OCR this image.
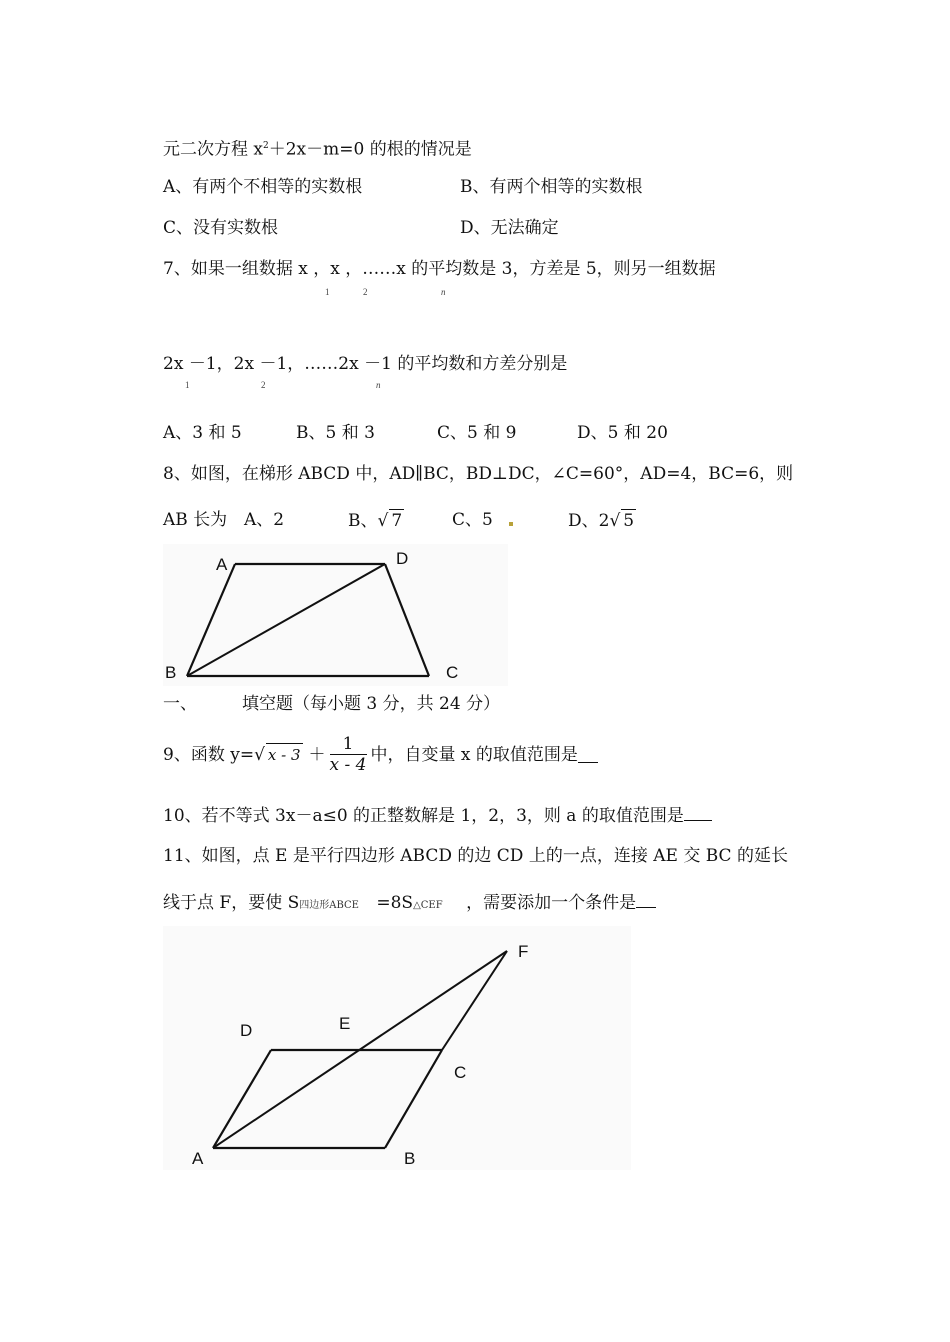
元二次方程 $x^2+2x-m=0$ 的根的情况是
A、有两个不相等的实数根	B、有两个相等的实数根
C、没有实数根	D、无法确定
7、如果一组数据 x ，x ，……x 的平均数是 3，方差是 5，则另一组数据
1	2	n
2x －1，2x －1，……2x －1 的平均数和方差分别是
1	2	n
A、3 和 5	B、5 和 3	C、5 和 9	D、5 和 20
8、如图，在梯形 ABCD 中，AD∥BC，BD⊥DC，∠C=60°，AD=4，BC=6，则
AB 长为 A、2	B、√ 7	C、5	D、2√ 5
A	D
B	C
一、	填空题（每小题 3 分，共 24 分）
9、函数 y= √ $x - 3 + \frac{1}{x - 4}$ 中，自变量 x 的取值范围是
10、若不等式 3x－a≤0 的正整数解是 1，2，3，则 a 的取值范围是
11、如图，点 E 是平行四边形 ABCD 的边 CD 上的一点，连接 AE 交 BC 的延长
线于点 F，要使 S四边形ABCE =8S△CEF ，需要添加一个条件是
D	E
F
C
A	B
